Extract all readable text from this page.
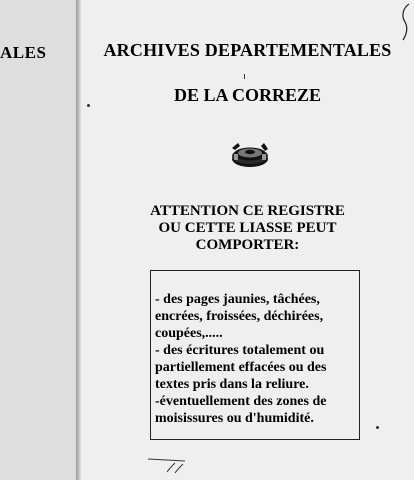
ALES	ARCHIVES DEPARTEMENTALES
DE LA CORREZE
ATTENTION CE REGISTRE
OU CETTE LIASSE PEUT
COMPORTER:
- des pages jaunies, tâchées,
encrées, froissées, déchirées,
coupées,.....
- des écritures totalement ou
partiellement effacées ou des
textes pris dans la reliure.
-éventuellement des zones de
moisissures ou d'humidité.
